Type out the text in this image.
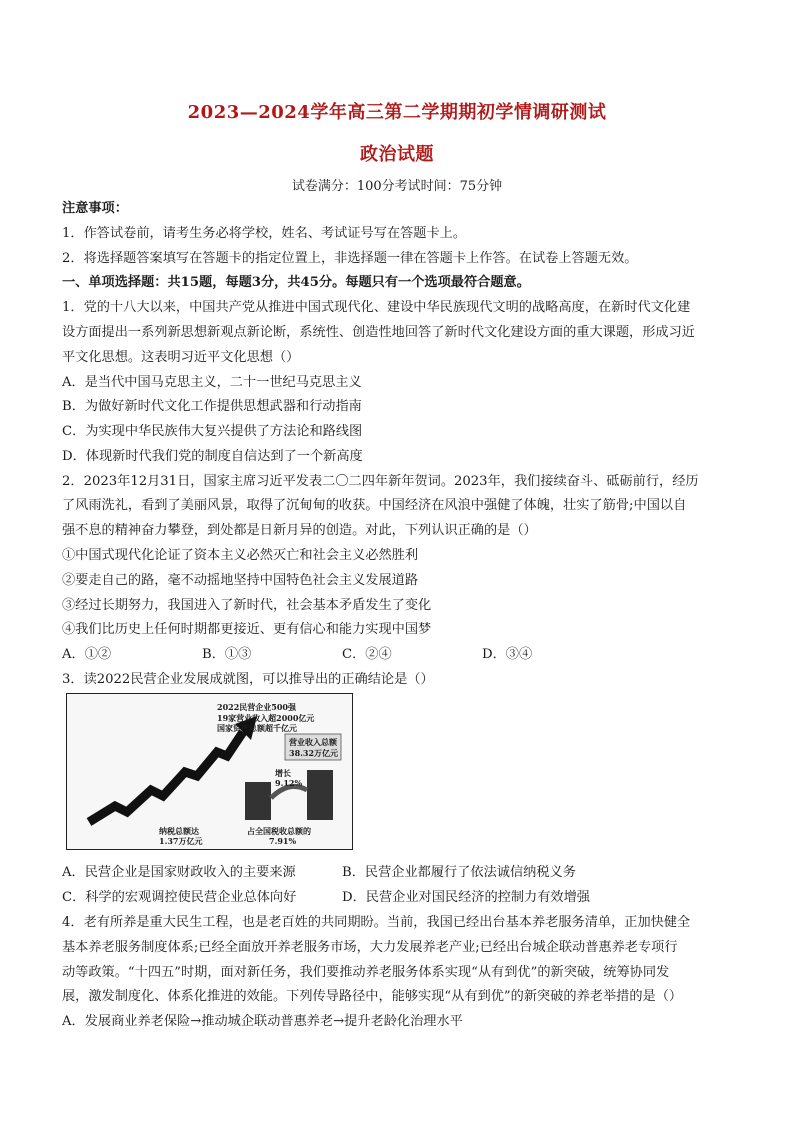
2023—2024学年高三第二学期期初学情调研测试
政治试题
试卷满分：100分考试时间：75分钟
注意事项：
1．作答试卷前，请考生务必将学校，姓名、考试证号写在答题卡上。
2．将选择题答案填写在答题卡的指定位置上，非选择题一律在答题卡上作答。在试卷上答题无效。
一、单项选择题：共15题，每题3分，共45分。每题只有一个选项最符合题意。
1．党的十八大以来，中国共产党从推进中国式现代化、建设中华民族现代文明的战略高度，在新时代文化建
设方面提出一系列新思想新观点新论断，系统性、创造性地回答了新时代文化建设方面的重大课题，形成习近
平文化思想。这表明习近平文化思想（）
A．是当代中国马克思主义，二十一世纪马克思主义
B．为做好新时代文化工作提供思想武器和行动指南
C．为实现中华民族伟大复兴提供了方法论和路线图
D．体现新时代我们党的制度自信达到了一个新高度
2．2023年12月31日，国家主席习近平发表二〇二四年新年贺词。2023年，我们接续奋斗、砥砺前行，经历
了风雨洗礼，看到了美丽风景，取得了沉甸甸的收获。中国经济在风浪中强健了体魄，壮实了筋骨;中国以自
强不息的精神奋力攀登，到处都是日新月异的创造。对此，下列认识正确的是（）
①中国式现代化论证了资本主义必然灭亡和社会主义必然胜利
②要走自己的路，毫不动摇地坚持中国特色社会主义发展道路
③经过长期努力，我国进入了新时代，社会基本矛盾发生了变化
④我们比历史上任何时期都更接近、更有信心和能力实现中国梦
A．①②	B．①③	C．②④	D．③④
3．读2022民营企业发展成就图，可以推导出的正确结论是（）
2022民营企业500强
19家营业收入超2000亿元
国家资产总额超千亿元
营业收入总额
38.32万亿元
增长
9.12%
纳税总额达
1.37万亿元
占全国税收总额的
7.91%
A．民营企业是国家财政收入的主要来源	B．民营企业都履行了依法诚信纳税义务
C．科学的宏观调控使民营企业总体向好	D．民营企业对国民经济的控制力有效增强
4．老有所养是重大民生工程，也是老百姓的共同期盼。当前，我国已经出台基本养老服务清单，正加快健全
基本养老服务制度体系;已经全面放开养老服务市场，大力发展养老产业;已经出台城企联动普惠养老专项行
动等政策。“十四五”时期，面对新任务，我们要推动养老服务体系实现“从有到优”的新突破，统筹协同发
展，激发制度化、体系化推进的效能。下列传导路径中，能够实现“从有到优”的新突破的养老举措的是（）
A．发展商业养老保险→推动城企联动普惠养老→提升老龄化治理水平
